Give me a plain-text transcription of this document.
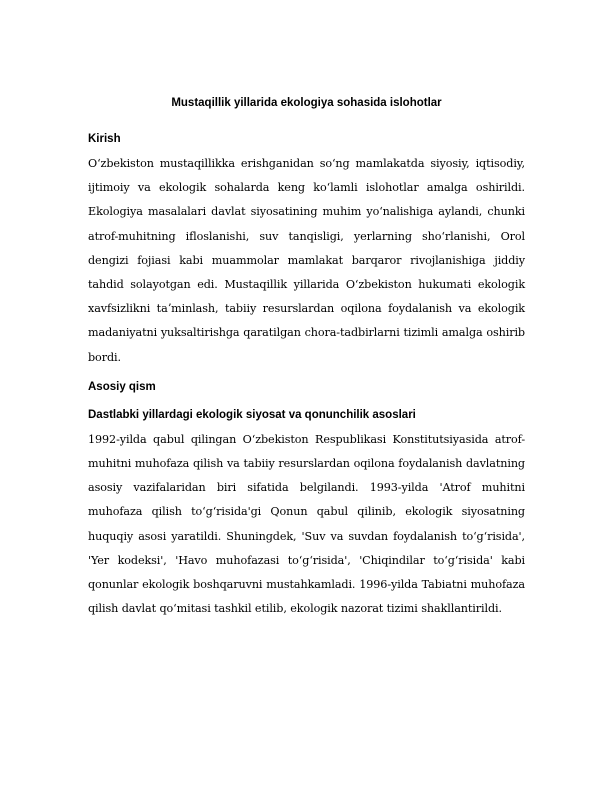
Mustaqillik yillarida ekologiya sohasida islohotlar
Kirish

O‘zbekiston mustaqillikka erishganidan so‘ng mamlakatda siyosiy, iqtisodiy, ijtimoiy va ekologik sohalarda keng ko‘lamli islohotlar amalga oshirildi. Ekologiya masalalari davlat siyosatining muhim yo‘nalishiga aylandi, chunki atrof-muhitning ifloslanishi, suv tanqisligi, yerlarning sho‘rlanishi, Orol dengizi fojiasi kabi muammolar mamlakat barqaror rivojlanishiga jiddiy tahdid solayotgan edi. Mustaqillik yillarida O‘zbekiston hukumati ekologik xavfsizlikni taʼminlash, tabiiy resurslardan oqilona foydalanish va ekologik madaniyatni yuksaltirishga qaratilgan chora-tadbirlarni tizimli amalga oshirib bordi.

Asosiy qism
Dastlabki yillardagi ekologik siyosat va qonunchilik asoslari

1992-yilda qabul qilingan O‘zbekiston Respublikasi Konstitutsiyasida atrof-muhitni muhofaza qilish va tabiiy resurslardan oqilona foydalanish davlatning asosiy vazifalaridan biri sifatida belgilandi. 1993-yilda 'Atrof muhitni muhofaza qilish to‘g‘risida'gi Qonun qabul qilinib, ekologik siyosatning huquqiy asosi yaratildi. Shuningdek, 'Suv va suvdan foydalanish to‘g‘risida', 'Yer kodeksi', 'Havo muhofazasi to‘g‘risida', 'Chiqindilar to‘g‘risida' kabi qonunlar ekologik boshqaruvni mustahkamladi. 1996-yilda Tabiatni muhofaza qilish davlat qo‘mitasi tashkil etilib, ekologik nazorat tizimi shakllantirildi.
